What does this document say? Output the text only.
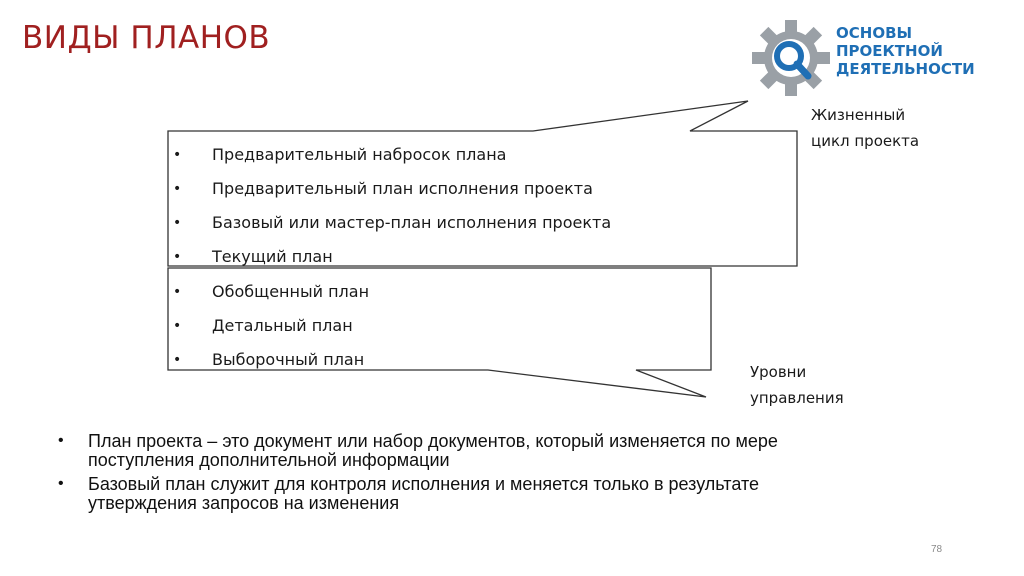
ВИДЫ ПЛАНОВ	ОСНОВЫ
ПРОЕКТНОЙ
ДЕЯТЕЛЬНОСТИ
• Предварительный набросок плана
• Предварительный план исполнения проекта
• Базовый или мастер-план исполнения проекта
• Текущий план
• Обобщенный план
• Детальный план
• Выборочный план
Жизненный
цикл проекта
Уровни
управления
• План проекта – это документ или набор документов, который изменяется по мере
поступления дополнительной информации
• Базовый план служит для контроля исполнения и меняется только в результате
утверждения запросов на изменения
78
